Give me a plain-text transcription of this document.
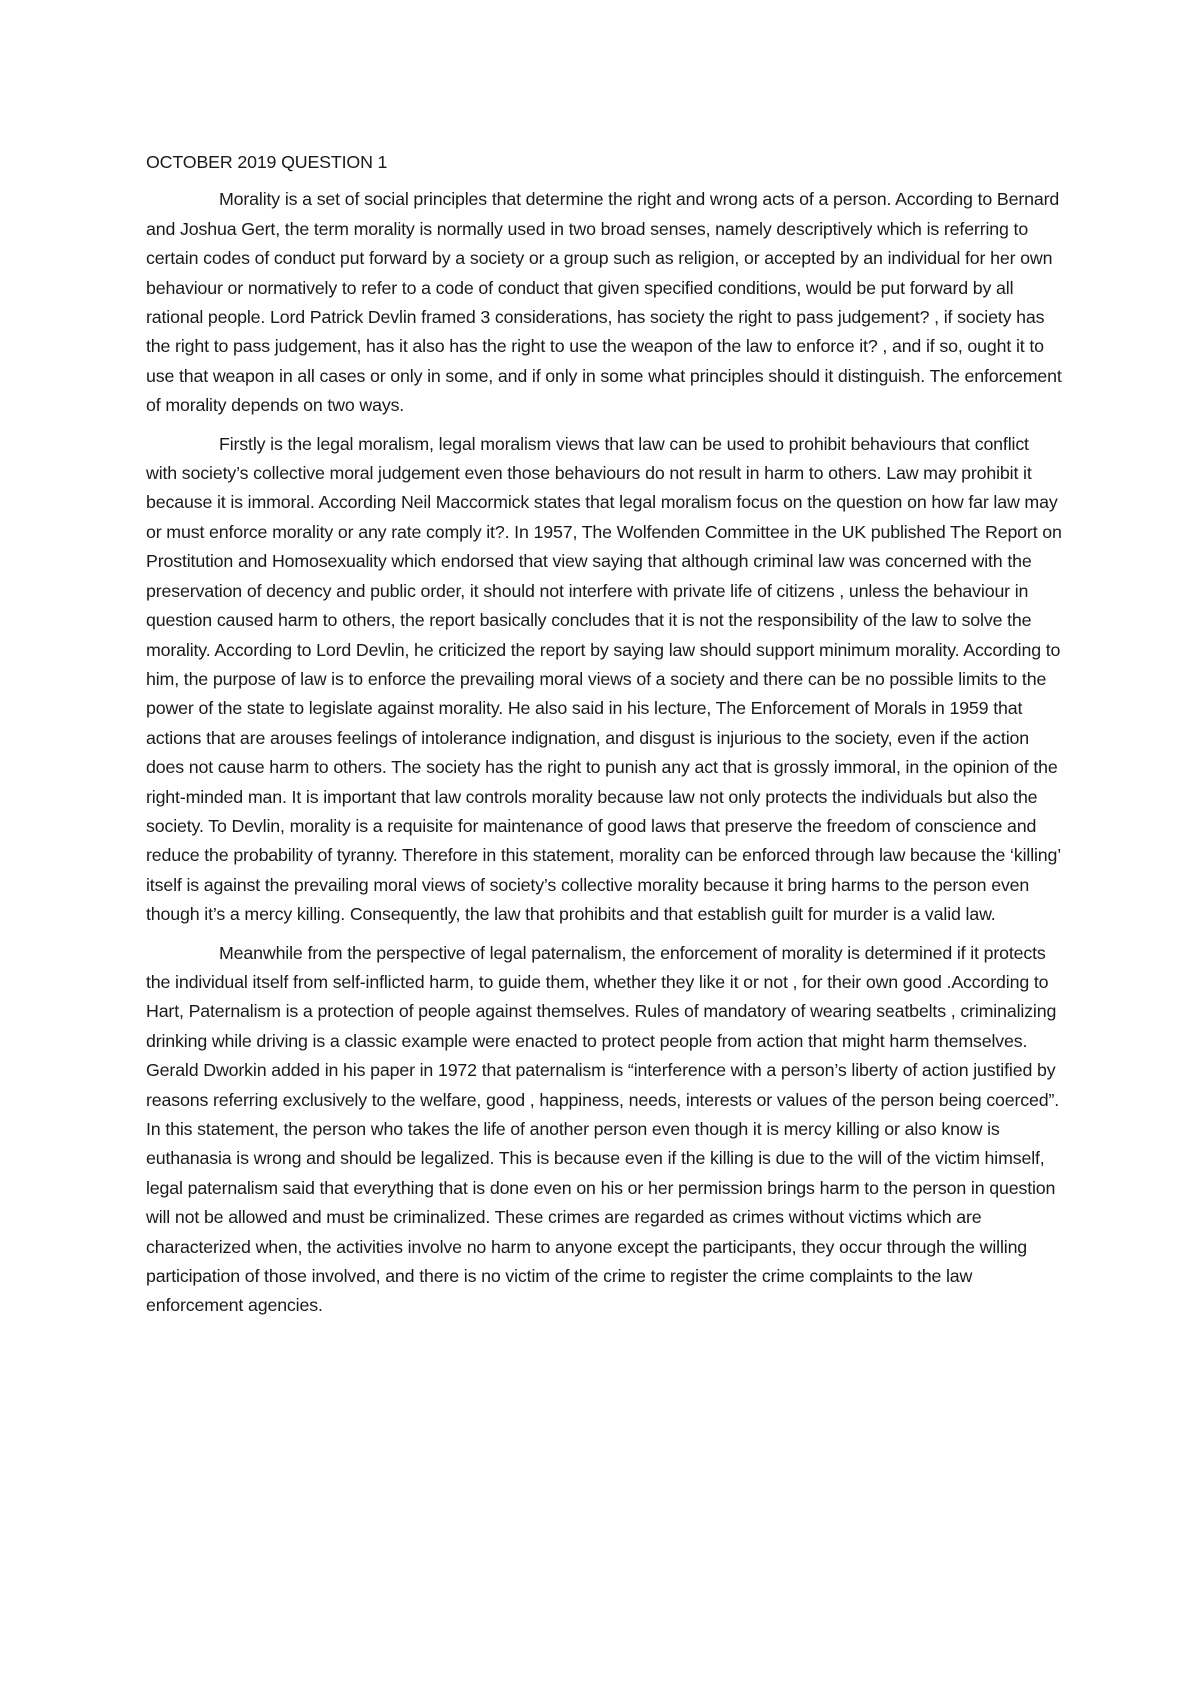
OCTOBER 2019 QUESTION 1

Morality is a set of social principles that determine the right and wrong acts of a person. According to Bernard and Joshua Gert, the term morality is normally used in two broad senses, namely descriptively which is referring to certain codes of conduct put forward by a society or a group such as religion, or accepted by an individual for her own behaviour or normatively to refer to a code of conduct that given specified conditions, would be put forward by all rational people. Lord Patrick Devlin framed 3 considerations, has society the right to pass judgement? , if society has the right to pass judgement, has it also has the right to use the weapon of the law to enforce it? , and if so, ought it to use that weapon in all cases or only in some, and if only in some what principles should it distinguish. The enforcement of morality depends on two ways.

Firstly is the legal moralism, legal moralism views that law can be used to prohibit behaviours that conflict with society’s collective moral judgement even those behaviours do not result in harm to others. Law may prohibit it because it is immoral. According Neil Maccormick states that legal moralism focus on the question on how far law may or must enforce morality or any rate comply it?. In 1957, The Wolfenden Committee in the UK published The Report on Prostitution and Homosexuality which endorsed that view saying that although criminal law was concerned with the preservation of decency and public order, it should not interfere with private life of citizens , unless the behaviour in question caused harm to others, the report basically concludes that it is not the responsibility of the law to solve the morality. According to Lord Devlin, he criticized the report by saying law should support minimum morality. According to him, the purpose of law is to enforce the prevailing moral views of a society and there can be no possible limits to the power of the state to legislate against morality. He also said in his lecture, The Enforcement of Morals in 1959 that actions that are arouses feelings of intolerance indignation, and disgust is injurious to the society, even if the action does not cause harm to others. The society has the right to punish any act that is grossly immoral, in the opinion of the right-minded man. It is important that law controls morality because law not only protects the individuals but also the society. To Devlin, morality is a requisite for maintenance of good laws that preserve the freedom of conscience and reduce the probability of tyranny. Therefore in this statement, morality can be enforced through law because the ‘killing’ itself is against the prevailing moral views of society’s collective morality because it bring harms to the person even though it’s a mercy killing. Consequently, the law that prohibits and that establish guilt for murder is a valid law.

Meanwhile from the perspective of legal paternalism, the enforcement of morality is determined if it protects the individual itself from self-inflicted harm, to guide them, whether they like it or not , for their own good .According to Hart, Paternalism is a protection of people against themselves. Rules of mandatory of wearing seatbelts , criminalizing drinking while driving is a classic example were enacted to protect people from action that might harm themselves. Gerald Dworkin added in his paper in 1972 that paternalism is “interference with a person’s liberty of action justified by reasons referring exclusively to the welfare, good , happiness, needs, interests or values of the person being coerced”. In this statement, the person who takes the life of another person even though it is mercy killing or also know is euthanasia is wrong and should be legalized. This is because even if the killing is due to the will of the victim himself, legal paternalism said that everything that is done even on his or her permission brings harm to the person in question will not be allowed and must be criminalized. These crimes are regarded as crimes without victims which are characterized when, the activities involve no harm to anyone except the participants, they occur through the willing participation of those involved, and there is no victim of the crime to register the crime complaints to the law enforcement agencies.
